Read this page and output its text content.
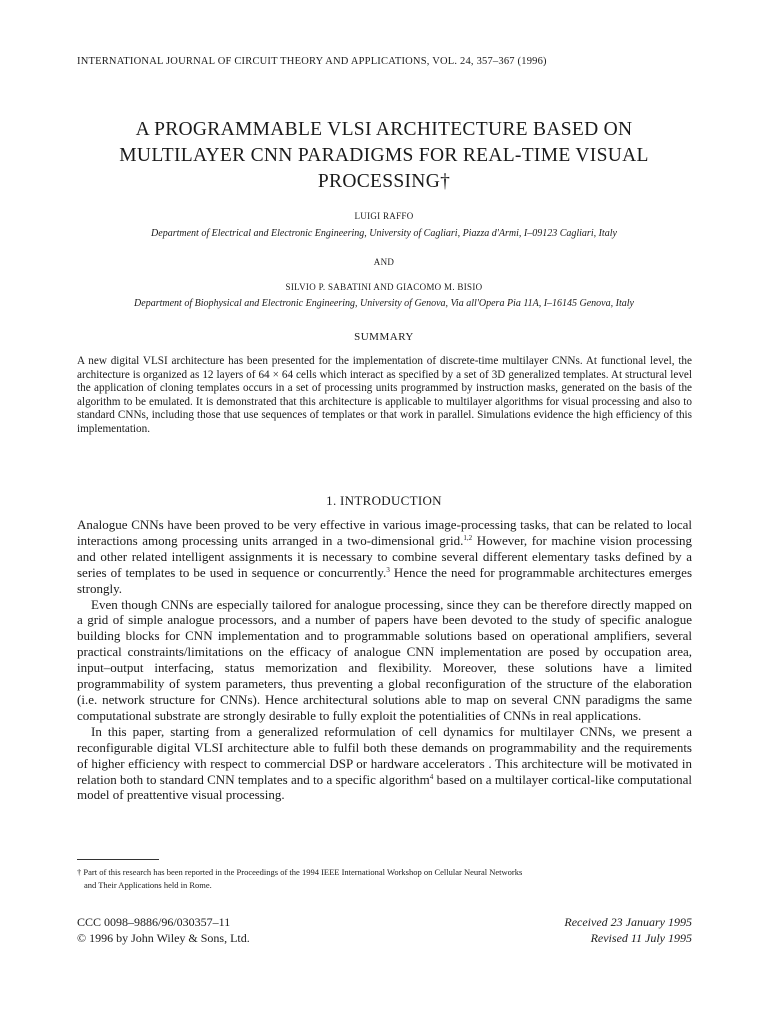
INTERNATIONAL JOURNAL OF CIRCUIT THEORY AND APPLICATIONS, VOL. 24, 357–367 (1996)
A PROGRAMMABLE VLSI ARCHITECTURE BASED ON
MULTILAYER CNN PARADIGMS FOR REAL-TIME VISUAL
PROCESSING†
LUIGI RAFFO
Department of Electrical and Electronic Engineering, University of Cagliari, Piazza d'Armi, I–09123 Cagliari, Italy
AND
SILVIO P. SABATINI AND GIACOMO M. BISIO
Department of Biophysical and Electronic Engineering, University of Genova, Via all'Opera Pia 11A, I–16145 Genova, Italy
SUMMARY
A new digital VLSI architecture has been presented for the implementation of discrete-time multilayer CNNs. At functional level, the architecture is organized as 12 layers of 64 × 64 cells which interact as specified by a set of 3D generalized templates. At structural level the application of cloning templates occurs in a set of processing units programmed by instruction masks, generated on the basis of the algorithm to be emulated. It is demonstrated that this architecture is applicable to multilayer algorithms for visual processing and also to standard CNNs, including those that use sequences of templates or that work in parallel. Simulations evidence the high efficiency of this implementation.
1. INTRODUCTION

Analogue CNNs have been proved to be very effective in various image-processing tasks, that can be related to local interactions among processing units arranged in a two-dimensional grid.$^{1,2}$ However, for machine vision processing and other related intelligent assignments it is necessary to combine several different elementary tasks defined by a series of templates to be used in sequence or concurrently.$^3$ Hence the need for programmable architectures emerges strongly.

Even though CNNs are especially tailored for analogue processing, since they can be therefore directly mapped on a grid of simple analogue processors, and a number of papers have been devoted to the study of specific analogue building blocks for CNN implementation and to programmable solutions based on operational amplifiers, several practical constraints/limitations on the efficacy of analogue CNN implementation are posed by occupation area, input–output interfacing, status memorization and flexibility. Moreover, these solutions have a limited programmability of system parameters, thus preventing a global reconfiguration of the structure of the elaboration (i.e. network structure for CNNs). Hence architectural solutions able to map on several CNN paradigms the same computational substrate are strongly desirable to fully exploit the potentialities of CNNs in real applications.

In this paper, starting from a generalized reformulation of cell dynamics for multilayer CNNs, we present a reconfigurable digital VLSI architecture able to fulfil both these demands on programmability and the requirements of higher efficiency with respect to commercial DSP or hardware accelerators . This architecture will be motivated in relation both to standard CNN templates and to a specific algorithm$^4$ based on a multilayer cortical-like computational model of preattentive visual processing.

† Part of this research has been reported in the Proceedings of the 1994 IEEE International Workshop on Cellular Neural Networks
and Their Applications held in Rome.
CCC 0098–9886/96/030357–11
© 1996 by John Wiley & Sons, Ltd.
Received 23 January 1995
Revised 11 July 1995
